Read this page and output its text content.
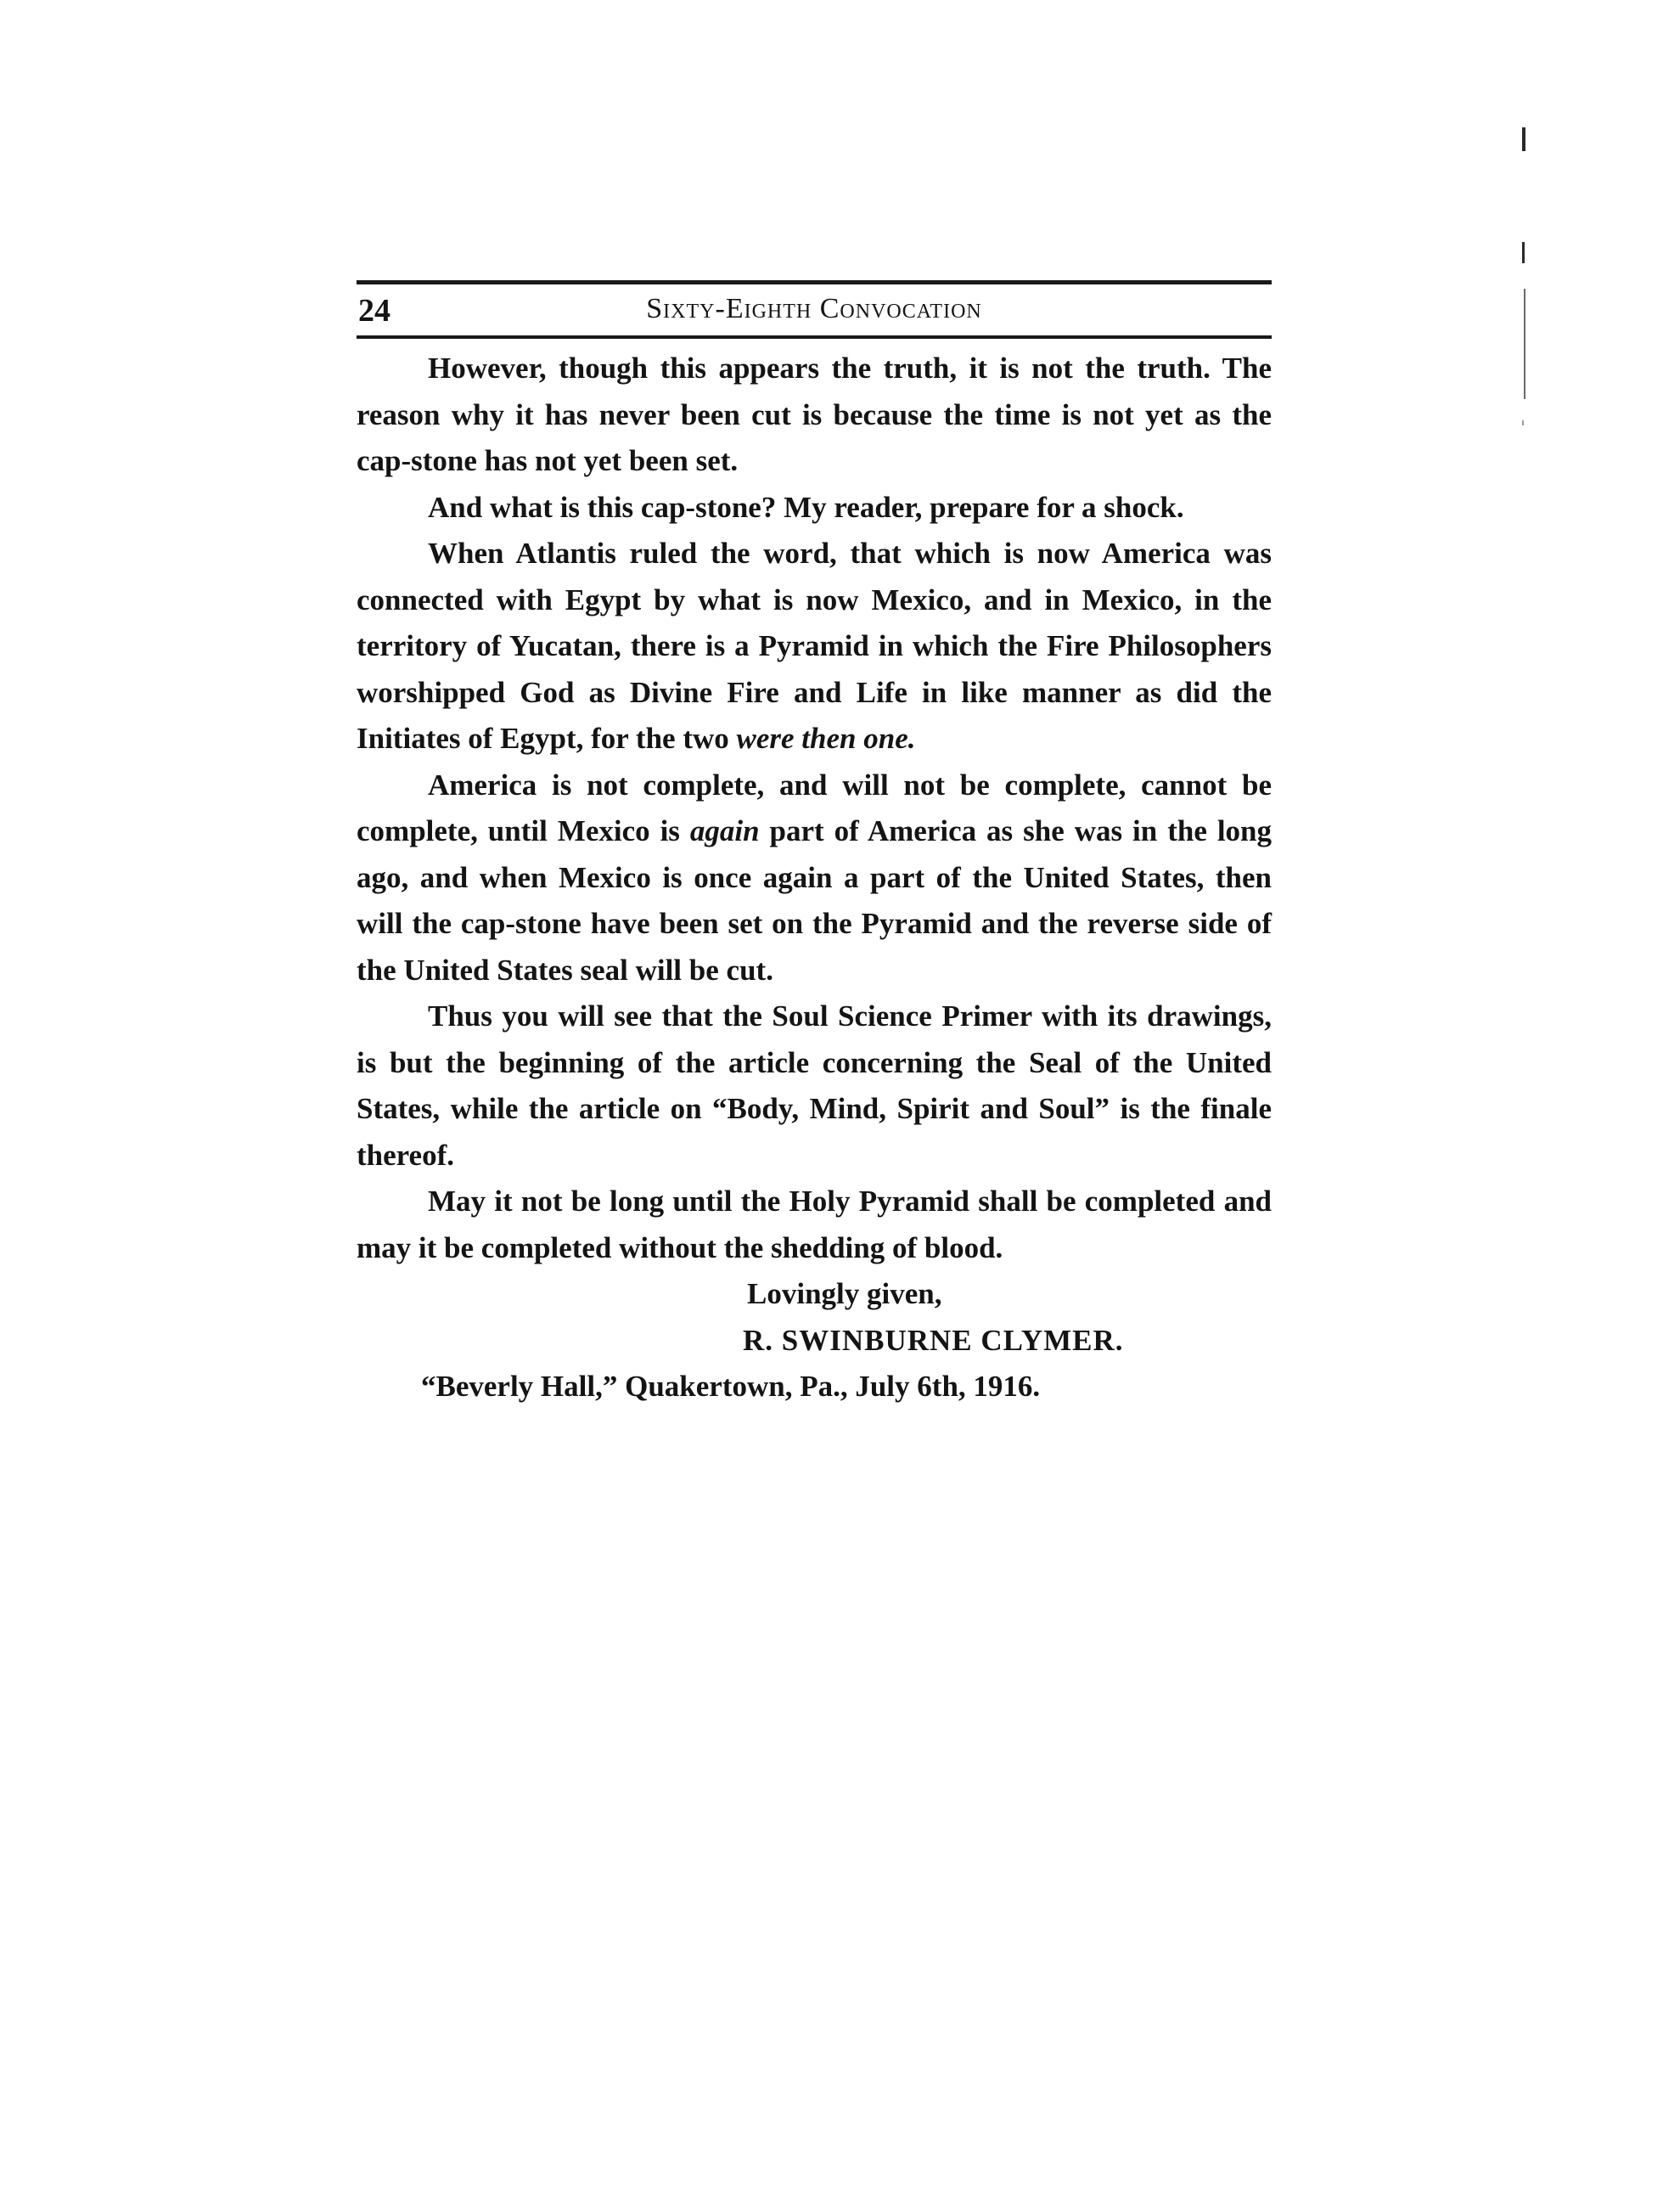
24	Sixty-Eighth Convocation

However, though this appears the truth, it is not the truth. The reason why it has never been cut is because the time is not yet as the cap-stone has not yet been set.

And what is this cap-stone? My reader, prepare for a shock.

When Atlantis ruled the word, that which is now America was connected with Egypt by what is now Mexico, and in Mexico, in the territory of Yucatan, there is a Pyramid in which the Fire Philosophers worshipped God as Divine Fire and Life in like manner as did the Initiates of Egypt, for the two were then one.

America is not complete, and will not be complete, cannot be complete, until Mexico is again part of America as she was in the long ago, and when Mexico is once again a part of the United States, then will the cap-stone have been set on the Pyramid and the reverse side of the United States seal will be cut.

Thus you will see that the Soul Science Primer with its drawings, is but the beginning of the article concerning the Seal of the United States, while the article on “Body, Mind, Spirit and Soul” is the finale thereof.

May it not be long until the Holy Pyramid shall be completed and may it be completed without the shedding of blood.

Lovingly given,

R. SWINBURNE CLYMER.

“Beverly Hall,” Quakertown, Pa., July 6th, 1916.
